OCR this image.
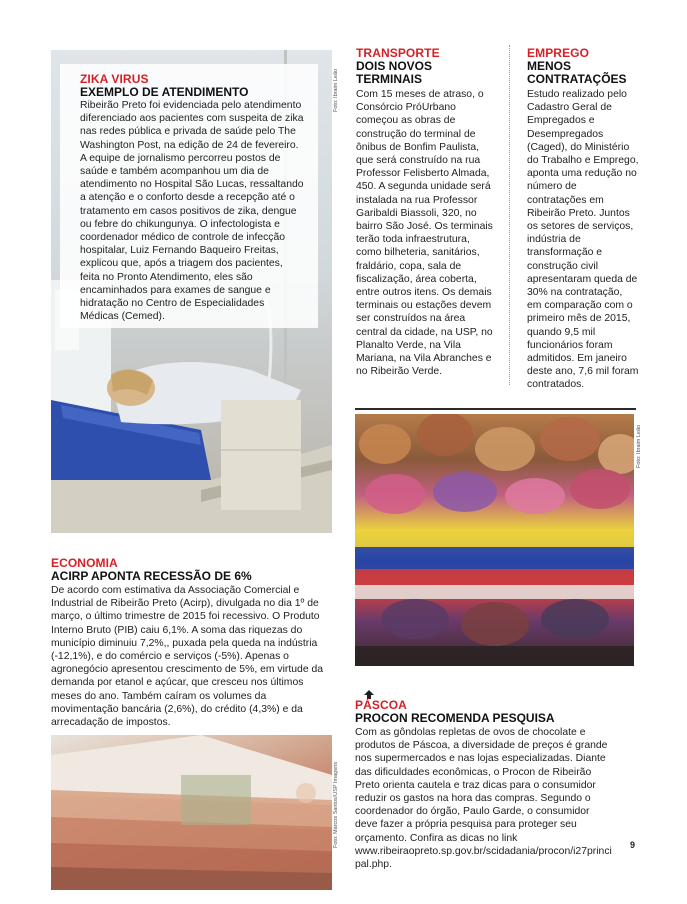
Foto: Ibraim Leão
ZIKA VIRUS
EXEMPLO DE ATENDIMENTO
Ribeirão Preto foi evidenciada pelo atendimento diferenciado aos pacientes com suspeita de zika nas redes pública e privada de saúde pelo The Washington Post, na edição de 24 de fevereiro. A equipe de jornalismo percorreu postos de saúde e também acompanhou um dia de atendimento no Hospital São Lucas, ressaltando a atenção e o conforto desde a recepção até o tratamento em casos positivos de zika, dengue ou febre do chikungunya. O infectologista e coordenador médico de controle de infecção hospitalar, Luiz Fernando Baqueiro Freitas, explicou que, após a triagem dos pacientes, feita no Pronto Atendimento, eles são encaminhados para exames de sangue e hidratação no Centro de Especialidades Médicas (Cemed).
TRANSPORTE
DOIS NOVOS TERMINAIS
Com 15 meses de atraso, o Consórcio PróUrbano começou as obras de construção do terminal de ônibus de Bonfim Paulista, que será construído na rua Professor Felisberto Almada, 450. A segunda unidade será instalada na rua Professor Garibaldi Biassoli, 320, no bairro São José. Os terminais terão toda infraestrutura, como bilheteria, sanitários, fraldário, copa, sala de fiscalização, área coberta, entre outros itens. Os demais terminais ou estações devem ser construídos na área central da cidade, na USP, no Planalto Verde, na Vila Mariana, na Vila Abranches e no Ribeirão Verde.
EMPREGO
MENOS CONTRATAÇÕES
Estudo realizado pelo Cadastro Geral de Empregados e Desempregados (Caged), do Ministério do Trabalho e Emprego, aponta uma redução no número de contratações em Ribeirão Preto. Juntos os setores de serviços, indústria de transformação e construção civil apresentaram queda de 30% na contratação, em comparação com o primeiro mês de 2015, quando 9,5 mil funcionários foram admitidos. Em janeiro deste ano, 7,6 mil foram contratados.
Foto: Ibraim Leão
PÁSCOA
PROCON RECOMENDA PESQUISA
Com as gôndolas repletas de ovos de chocolate e produtos de Páscoa, a diversidade de preços é grande nos supermercados e nas lojas especializadas. Diante das dificuldades econômicas, o Procon de Ribeirão Preto orienta cautela e traz dicas para o consumidor reduzir os gastos na hora das compras. Segundo o coordenador do órgão, Paulo Garde, o consumidor deve fazer a própria pesquisa para proteger seu orçamento. Confira as dicas no link www.ribeiraopreto.sp.gov.br/scidadania/procon/i27principal.php.
ECONOMIA
ACIRP APONTA RECESSÃO DE 6%
De acordo com estimativa da Associação Comercial e Industrial de Ribeirão Preto (Acirp), divulgada no dia 1º de março, o último trimestre de 2015 foi recessivo. O Produto Interno Bruto (PIB) caiu 6,1%. A soma das riquezas do município diminuiu 7,2%,, puxada pela queda na indústria (-12,1%), e do comércio e serviços (-5%). Apenas o agronegócio apresentou crescimento de 5%, em virtude da demanda por etanol e açúcar, que cresceu nos últimos meses do ano. Também caíram os volumes da movimentação bancária (2,6%), do crédito (4,3%) e da arrecadação de impostos.
Foto: Marcos Santos/USP Imagens	9
